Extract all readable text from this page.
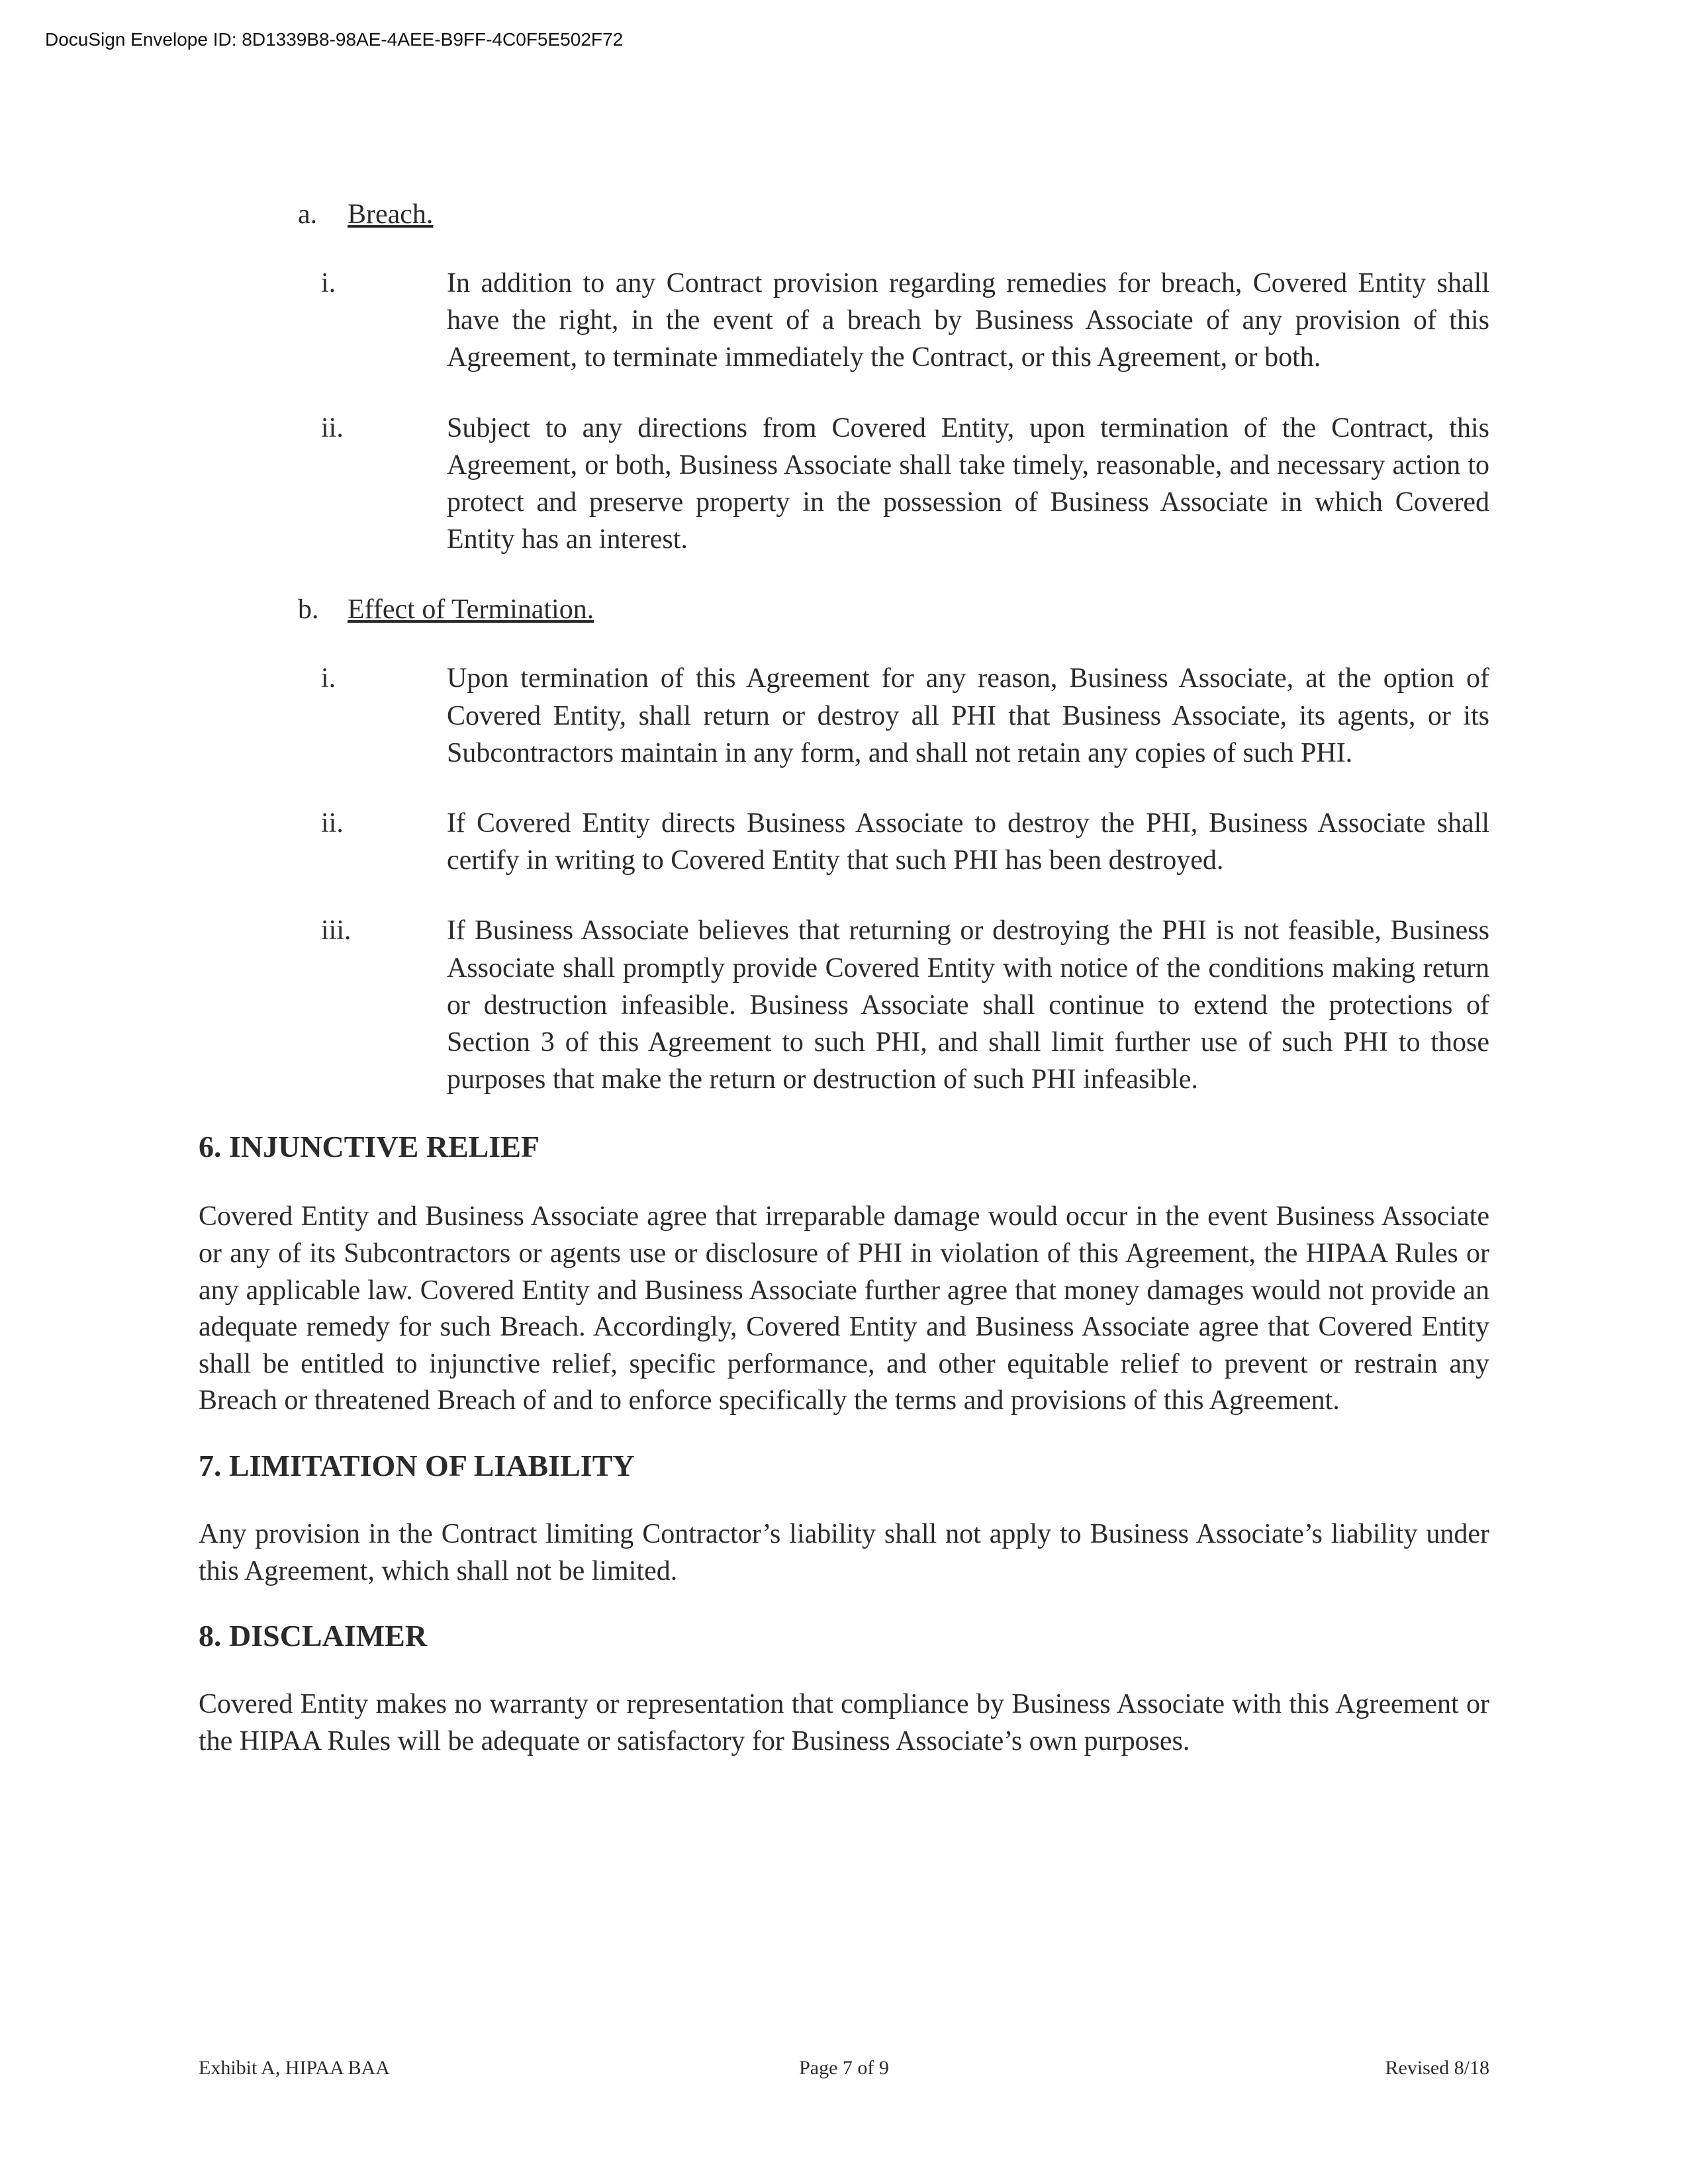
DocuSign Envelope ID: 8D1339B8-98AE-4AEE-B9FF-4C0F5E502F72
a. Breach.
i.	In addition to any Contract provision regarding remedies for breach, Covered Entity shall have the right, in the event of a breach by Business Associate of any provision of this Agreement, to terminate immediately the Contract, or this Agreement, or both.
ii.	Subject to any directions from Covered Entity, upon termination of the Contract, this Agreement, or both, Business Associate shall take timely, reasonable, and necessary action to protect and preserve property in the possession of Business Associate in which Covered Entity has an interest.
b. Effect of Termination.
i.	Upon termination of this Agreement for any reason, Business Associate, at the option of Covered Entity, shall return or destroy all PHI that Business Associate, its agents, or its Subcontractors maintain in any form, and shall not retain any copies of such PHI.
ii.	If Covered Entity directs Business Associate to destroy the PHI, Business Associate shall certify in writing to Covered Entity that such PHI has been destroyed.
iii.	If Business Associate believes that returning or destroying the PHI is not feasible, Business Associate shall promptly provide Covered Entity with notice of the conditions making return or destruction infeasible. Business Associate shall continue to extend the protections of Section 3 of this Agreement to such PHI, and shall limit further use of such PHI to those purposes that make the return or destruction of such PHI infeasible.
6. INJUNCTIVE RELIEF

Covered Entity and Business Associate agree that irreparable damage would occur in the event Business Associate or any of its Subcontractors or agents use or disclosure of PHI in violation of this Agreement, the HIPAA Rules or any applicable law. Covered Entity and Business Associate further agree that money damages would not provide an adequate remedy for such Breach. Accordingly, Covered Entity and Business Associate agree that Covered Entity shall be entitled to injunctive relief, specific performance, and other equitable relief to prevent or restrain any Breach or threatened Breach of and to enforce specifically the terms and provisions of this Agreement.

7. LIMITATION OF LIABILITY

Any provision in the Contract limiting Contractor’s liability shall not apply to Business Associate’s liability under this Agreement, which shall not be limited.

8. DISCLAIMER

Covered Entity makes no warranty or representation that compliance by Business Associate with this Agreement or the HIPAA Rules will be adequate or satisfactory for Business Associate’s own purposes.

Exhibit A, HIPAA BAA	Page 7 of 9	Revised 8/18
